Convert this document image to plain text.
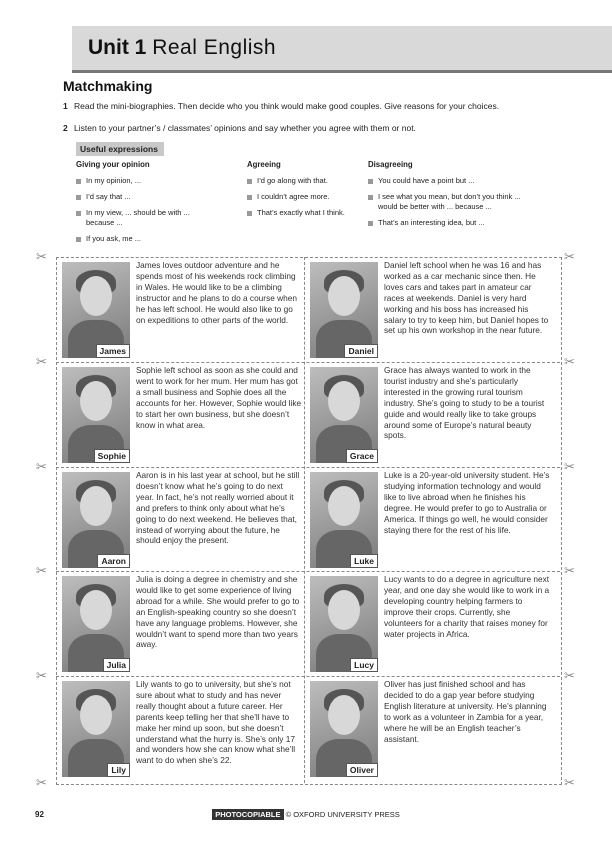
Unit 1 Real English
Matchmaking
1 Read the mini-biographies. Then decide who you think would make good couples. Give reasons for your choices.
2 Listen to your partner’s / classmates’ opinions and say whether you agree with them or not.
Useful expressions
Giving your opinion
In my opinion, ...
I’d say that ...
In my view, ... should be with ... because ...
If you ask, me ...
Agreeing
I’d go along with that.
I couldn’t agree more.
That’s exactly what I think.
Disagreeing
You could have a point but ...
I see what you mean, but don’t you think ... would be better with ... because ...
That’s an interesting idea, but ...
✂	✂
✂	✂
✂	✂
✂	✂
✂	✂
✂	✂
James
James loves outdoor adventure and he spends most of his weekends rock climbing in Wales. He would like to be a climbing instructor and he plans to do a course when he has left school. He would also like to go on expeditions to other parts of the world.
Daniel
Daniel left school when he was 16 and has worked as a car mechanic since then. He loves cars and takes part in amateur car races at weekends. Daniel is very hard working and his boss has increased his salary to try to keep him, but Daniel hopes to set up his own workshop in the near future.
Sophie
Sophie left school as soon as she could and went to work for her mum. Her mum has got a small business and Sophie does all the accounts for her. However, Sophie would like to start her own business, but she doesn’t know in what area.
Grace
Grace has always wanted to work in the tourist industry and she’s particularly interested in the growing rural tourism industry. She’s going to study to be a tourist guide and would really like to take groups around some of Europe’s natural beauty spots.
Aaron
Aaron is in his last year at school, but he still doesn’t know what he’s going to do next year. In fact, he’s not really worried about it and prefers to think only about what he’s going to do next weekend. He believes that, instead of worrying about the future, he should enjoy the present.
Luke
Luke is a 20-year-old university student. He’s studying information technology and would like to live abroad when he finishes his degree. He would prefer to go to Australia or America. If things go well, he would consider staying there for the rest of his life.
Julia
Julia is doing a degree in chemistry and she would like to get some experience of living abroad for a while. She would prefer to go to an English-speaking country so she doesn’t have any language problems. However, she wouldn’t want to spend more than two years away.
Lucy
Lucy wants to do a degree in agriculture next year, and one day she would like to work in a developing country helping farmers to improve their crops. Currently, she volunteers for a charity that raises money for water projects in Africa.
Lily
Lily wants to go to university, but she’s not sure about what to study and has never really thought about a future career. Her parents keep telling her that she’ll have to make her mind up soon, but she doesn’t understand what the hurry is. She’s only 17 and wonders how she can know what she’ll want to do when she’s 22.
Oliver
Oliver has just finished school and has decided to do a gap year before studying English literature at university. He’s planning to work as a volunteer in Zambia for a year, where he will be an English teacher’s assistant.
92	PHOTOCOPIABLE © OXFORD UNIVERSITY PRESS
